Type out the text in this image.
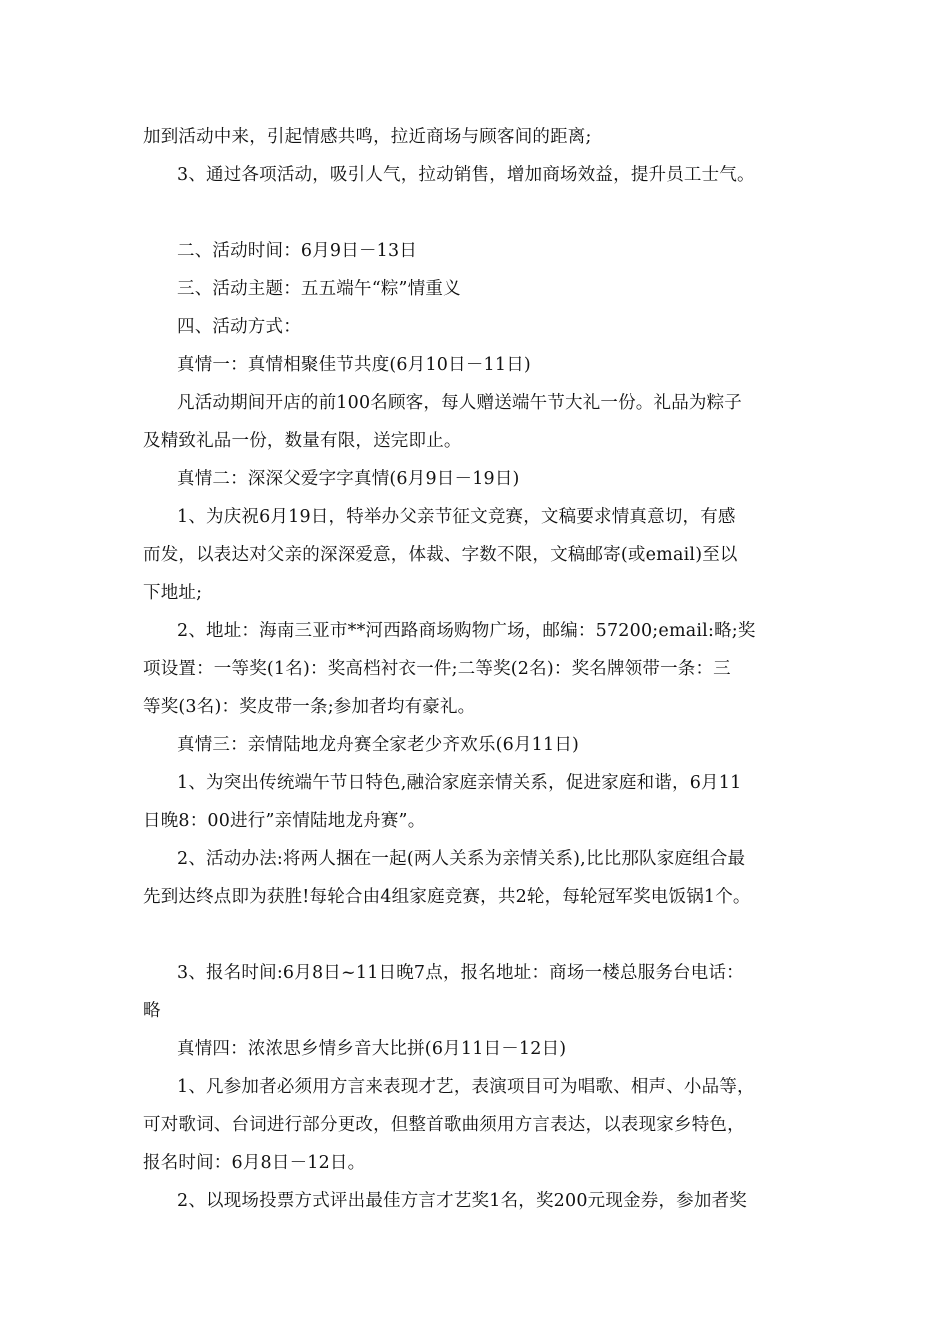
加到活动中来，引起情感共鸣，拉近商场与顾客间的距离;
3、通过各项活动，吸引人气，拉动销售，增加商场效益，提升员工士气。
二、活动时间：6月9日－13日
三、活动主题：五五端午“粽”情重义
四、活动方式：
真情一：真情相聚佳节共度(6月10日－11日)
凡活动期间开店的前100名顾客，每人赠送端午节大礼一份。礼品为粽子
及精致礼品一份，数量有限，送完即止。
真情二：深深父爱字字真情(6月9日－19日)
1、为庆祝6月19日，特举办父亲节征文竞赛，文稿要求情真意切，有感
而发，以表达对父亲的深深爱意，体裁、字数不限，文稿邮寄(或email)至以
下地址;
2、地址：海南三亚市**河西路商场购物广场，邮编：57200;email:略;奖
项设置：一等奖(1名)：奖高档衬衣一件;二等奖(2名)：奖名牌领带一条：三
等奖(3名)：奖皮带一条;参加者均有豪礼。
真情三：亲情陆地龙舟赛全家老少齐欢乐(6月11日)
1、为突出传统端午节日特色,融洽家庭亲情关系，促进家庭和谐，6月11
日晚8：00进行”亲情陆地龙舟赛”。
2、活动办法:将两人捆在一起(两人关系为亲情关系),比比那队家庭组合最
先到达终点即为获胜!每轮合由4组家庭竞赛，共2轮，每轮冠军奖电饭锅1个。
3、报名时间:6月8日~11日晚7点，报名地址：商场一楼总服务台电话：
略
真情四：浓浓思乡情乡音大比拼(6月11日－12日)
1、凡参加者必须用方言来表现才艺，表演项目可为唱歌、相声、小品等，
可对歌词、台词进行部分更改，但整首歌曲须用方言表达，以表现家乡特色，
报名时间：6月8日－12日。
2、以现场投票方式评出最佳方言才艺奖1名，奖200元现金券，参加者奖
